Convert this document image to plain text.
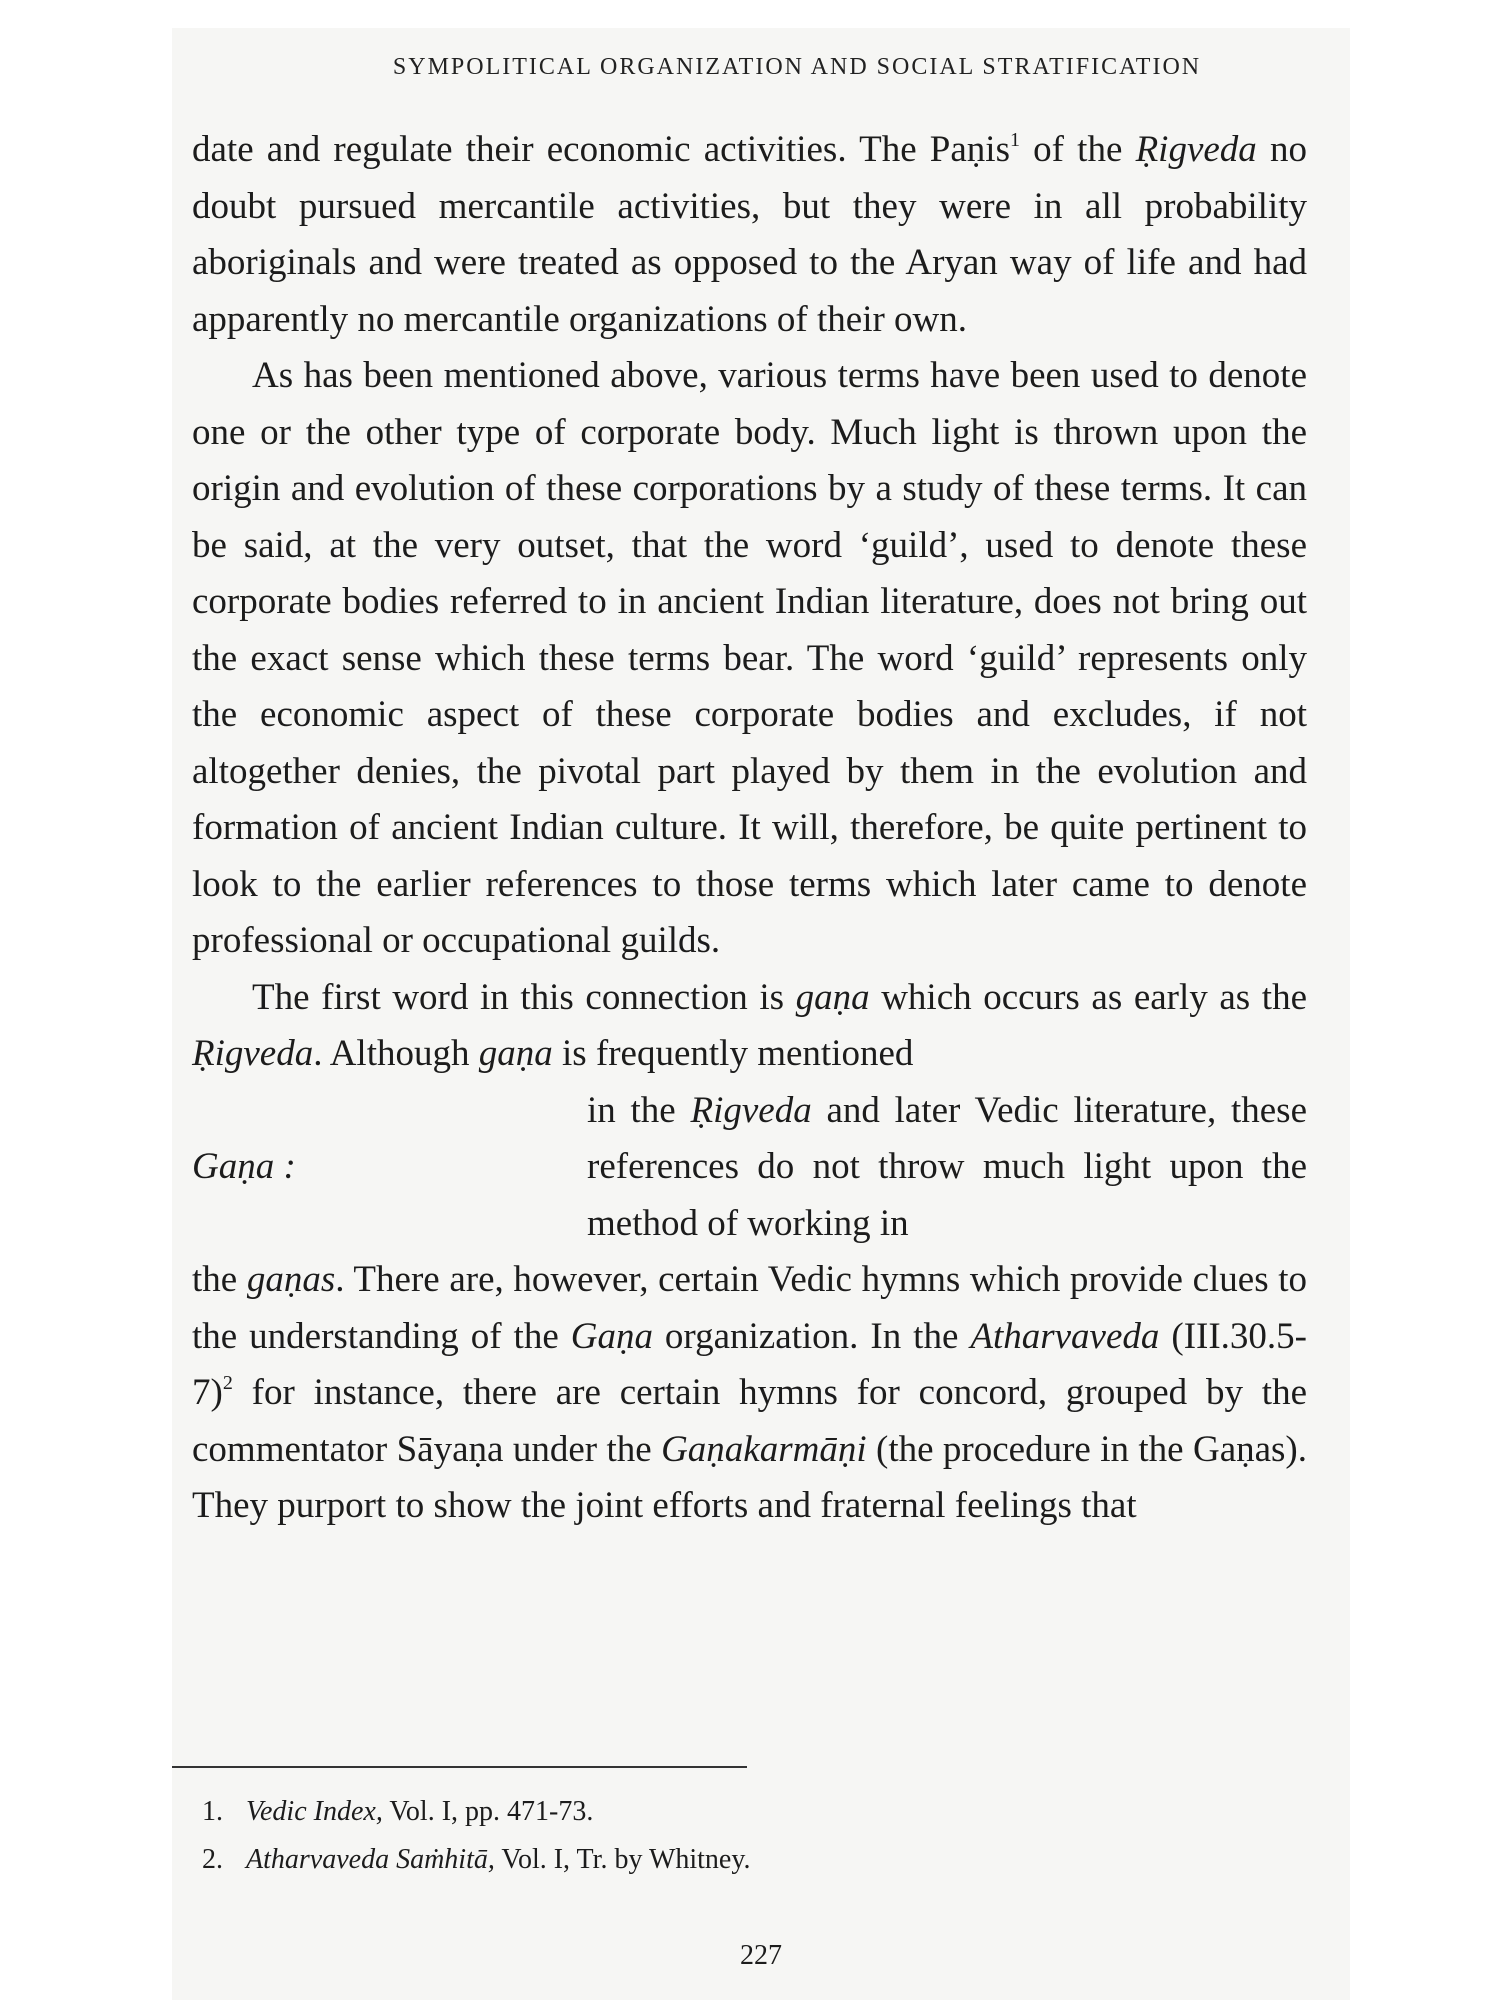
SYMPOLITICAL ORGANIZATION AND SOCIAL STRATIFICATION

date and regulate their economic activities. The Paṇis$^1$ of the Ṛigveda no doubt pursued mercantile activities, but they were in all probability aboriginals and were treated as opposed to the Aryan way of life and had apparently no mercantile organizations of their own.

As has been mentioned above, various terms have been used to denote one or the other type of corporate body. Much light is thrown upon the origin and evolution of these corporations by a study of these terms. It can be said, at the very outset, that the word ‘guild’, used to denote these corporate bodies referred to in ancient Indian literature, does not bring out the exact sense which these terms bear. The word ‘guild’ represents only the economic aspect of these corporate bodies and excludes, if not altogether denies, the pivotal part played by them in the evolution and formation of ancient Indian culture. It will, therefore, be quite pertinent to look to the earlier references to those terms which later came to denote professional or occupational guilds.

The first word in this connection is gaṇa which occurs as early as the Ṛigveda. Although gaṇa is frequently mentioned

Gaṇa :
in the Ṛigveda and later Vedic literature, these references do not throw much light upon the method of working in

the gaṇas. There are, however, certain Vedic hymns which provide clues to the understanding of the Gaṇa organization. In the Atharvaveda $(III.30.5-7)^2$ for instance, there are certain hymns for concord, grouped by the commentator Sāyaṇa under the Gaṇakarmāṇi (the procedure in the Gaṇas). They purport to show the joint efforts and fraternal feelings that

1. Vedic Index, Vol. I, pp. 471-73.
2. Atharvaveda Saṁhitā, Vol. I, Tr. by Whitney.
227
